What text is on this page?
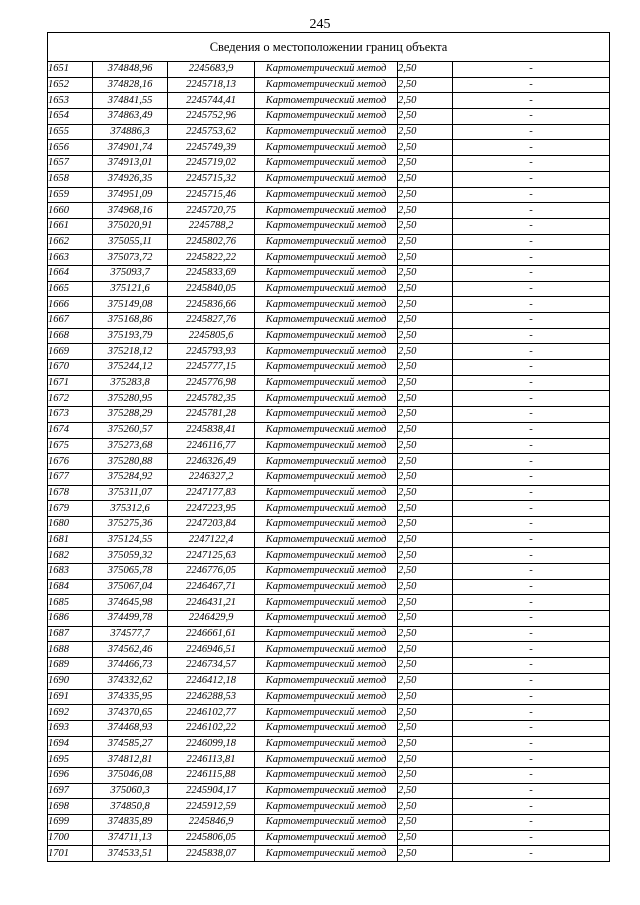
245
Сведения о местоположении границ объекта					
1651	374848,96	2245683,9	Картометрический метод	2,50	-
1652	374828,16	2245718,13	Картометрический метод	2,50	-
1653	374841,55	2245744,41	Картометрический метод	2,50	-
1654	374863,49	2245752,96	Картометрический метод	2,50	-
1655	374886,3	2245753,62	Картометрический метод	2,50	-
1656	374901,74	2245749,39	Картометрический метод	2,50	-
1657	374913,01	2245719,02	Картометрический метод	2,50	-
1658	374926,35	2245715,32	Картометрический метод	2,50	-
1659	374951,09	2245715,46	Картометрический метод	2,50	-
1660	374968,16	2245720,75	Картометрический метод	2,50	-
1661	375020,91	2245788,2	Картометрический метод	2,50	-
1662	375055,11	2245802,76	Картометрический метод	2,50	-
1663	375073,72	2245822,22	Картометрический метод	2,50	-
1664	375093,7	2245833,69	Картометрический метод	2,50	-
1665	375121,6	2245840,05	Картометрический метод	2,50	-
1666	375149,08	2245836,66	Картометрический метод	2,50	-
1667	375168,86	2245827,76	Картометрический метод	2,50	-
1668	375193,79	2245805,6	Картометрический метод	2,50	-
1669	375218,12	2245793,93	Картометрический метод	2,50	-
1670	375244,12	2245777,15	Картометрический метод	2,50	-
1671	375283,8	2245776,98	Картометрический метод	2,50	-
1672	375280,95	2245782,35	Картометрический метод	2,50	-
1673	375288,29	2245781,28	Картометрический метод	2,50	-
1674	375260,57	2245838,41	Картометрический метод	2,50	-
1675	375273,68	2246116,77	Картометрический метод	2,50	-
1676	375280,88	2246326,49	Картометрический метод	2,50	-
1677	375284,92	2246327,2	Картометрический метод	2,50	-
1678	375311,07	2247177,83	Картометрический метод	2,50	-
1679	375312,6	2247223,95	Картометрический метод	2,50	-
1680	375275,36	2247203,84	Картометрический метод	2,50	-
1681	375124,55	2247122,4	Картометрический метод	2,50	-
1682	375059,32	2247125,63	Картометрический метод	2,50	-
1683	375065,78	2246776,05	Картометрический метод	2,50	-
1684	375067,04	2246467,71	Картометрический метод	2,50	-
1685	374645,98	2246431,21	Картометрический метод	2,50	-
1686	374499,78	2246429,9	Картометрический метод	2,50	-
1687	374577,7	2246661,61	Картометрический метод	2,50	-
1688	374562,46	2246946,51	Картометрический метод	2,50	-
1689	374466,73	2246734,57	Картометрический метод	2,50	-
1690	374332,62	2246412,18	Картометрический метод	2,50	-
1691	374335,95	2246288,53	Картометрический метод	2,50	-
1692	374370,65	2246102,77	Картометрический метод	2,50	-
1693	374468,93	2246102,22	Картометрический метод	2,50	-
1694	374585,27	2246099,18	Картометрический метод	2,50	-
1695	374812,81	2246113,81	Картометрический метод	2,50	-
1696	375046,08	2246115,88	Картометрический метод	2,50	-
1697	375060,3	2245904,17	Картометрический метод	2,50	-
1698	374850,8	2245912,59	Картометрический метод	2,50	-
1699	374835,89	2245846,9	Картометрический метод	2,50	-
1700	374711,13	2245806,05	Картометрический метод	2,50	-
1701	374533,51	2245838,07	Картометрический метод	2,50	-
